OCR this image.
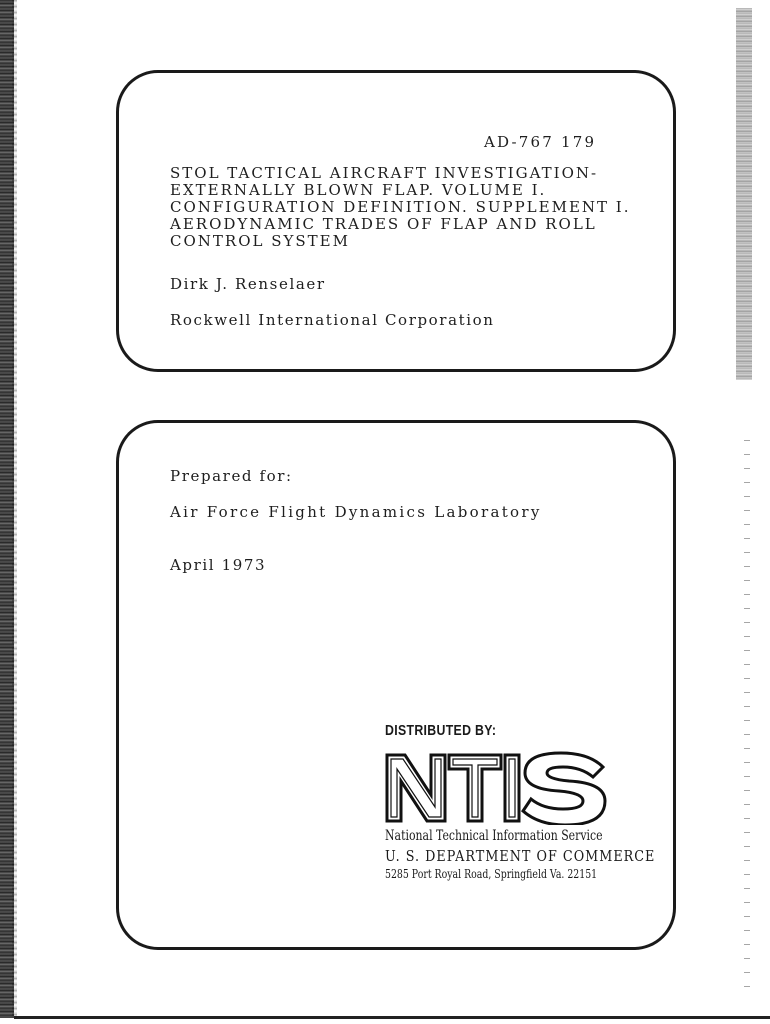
AD-767 179
STOL TACTICAL AIRCRAFT INVESTIGATION-
EXTERNALLY BLOWN FLAP. VOLUME I.
CONFIGURATION DEFINITION. SUPPLEMENT I.
AERODYNAMIC TRADES OF FLAP AND ROLL
CONTROL SYSTEM
Dirk J. Renselaer
Rockwell International Corporation
Prepared for:
Air Force Flight Dynamics Laboratory
April 1973
DISTRIBUTED BY:
National Technical Information Service
U. S. DEPARTMENT OF COMMERCE
5285 Port Royal Road, Springfield Va. 22151
